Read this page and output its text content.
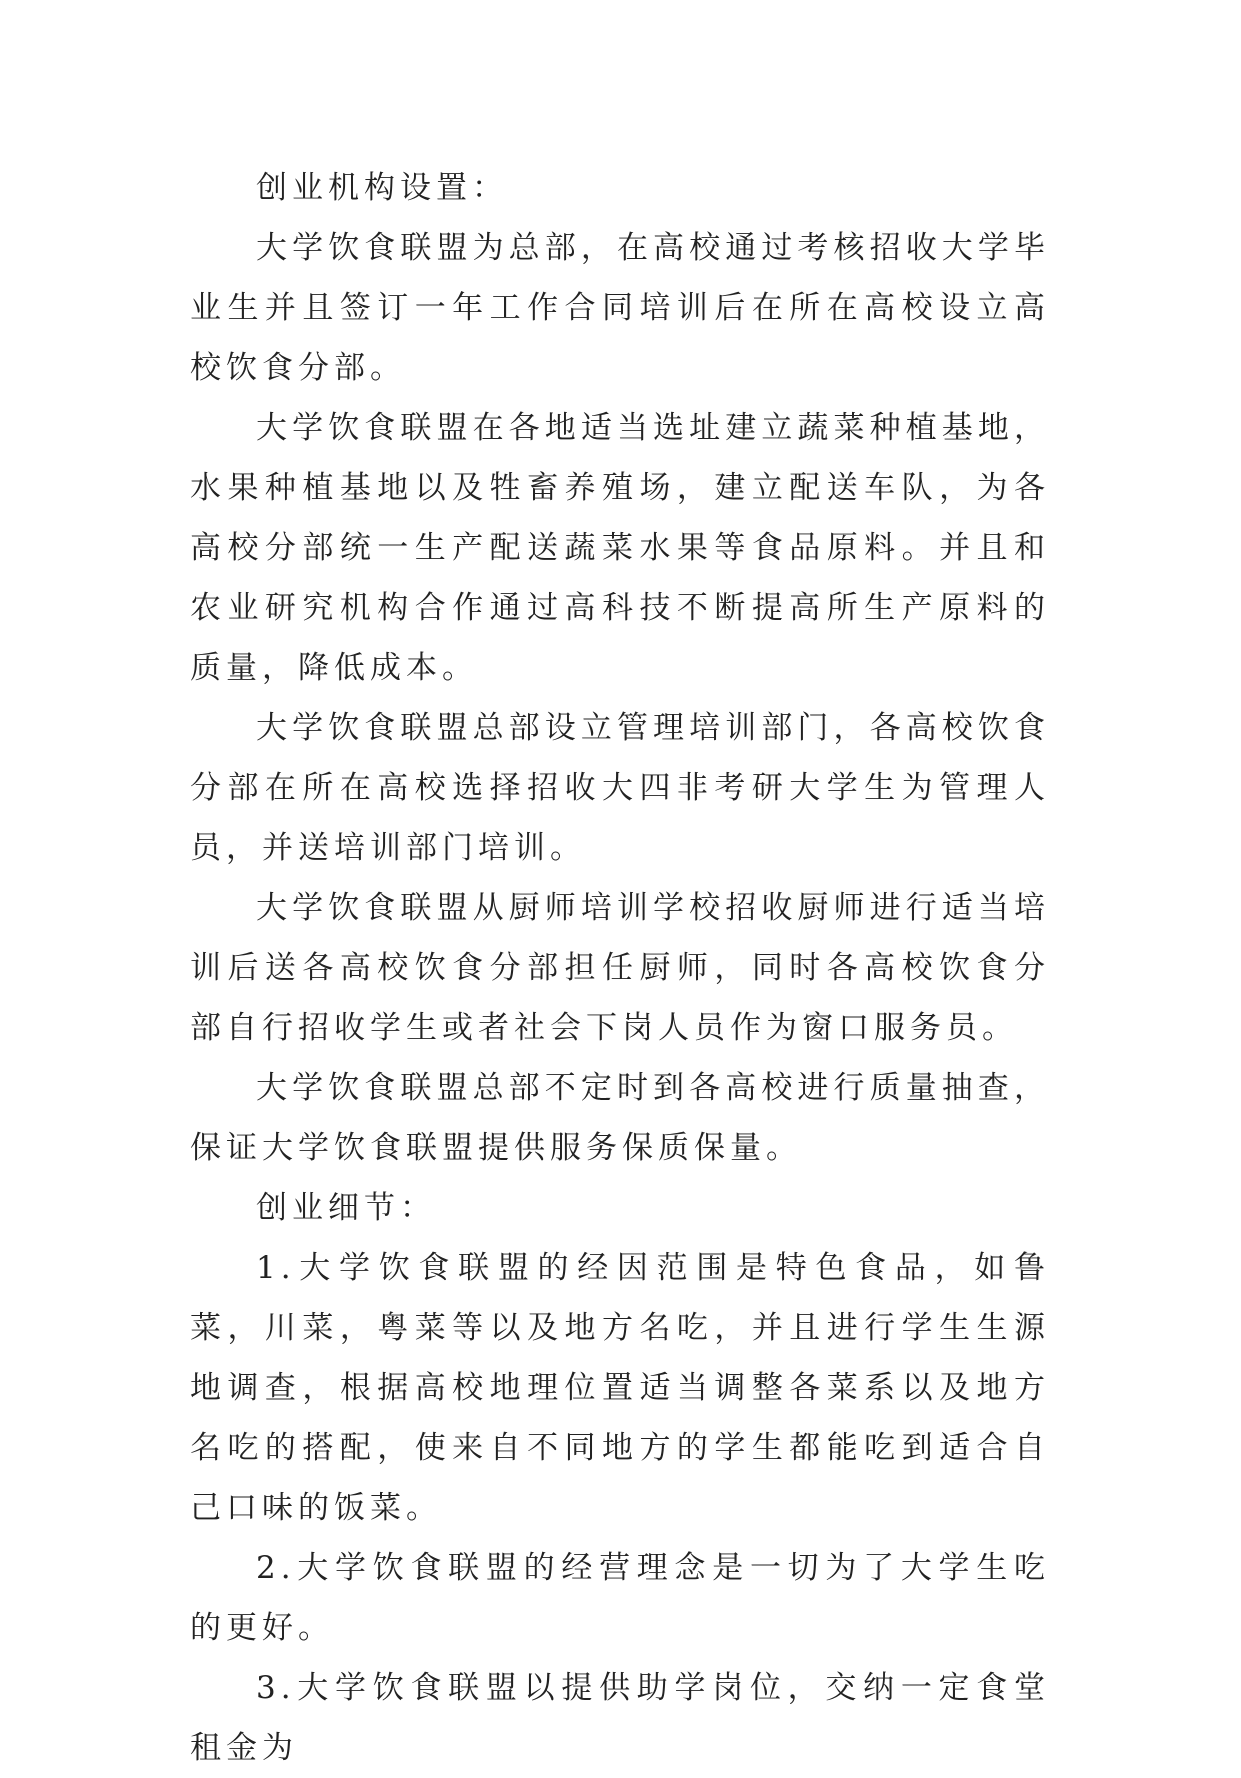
创业机构设置：

大学饮食联盟为总部，在高校通过考核招收大学毕业生并且签订一年工作合同培训后在所在高校设立高校饮食分部。

大学饮食联盟在各地适当选址建立蔬菜种植基地，水果种植基地以及牲畜养殖场，建立配送车队，为各高校分部统一生产配送蔬菜水果等食品原料。并且和农业研究机构合作通过高科技不断提高所生产原料的质量，降低成本。

大学饮食联盟总部设立管理培训部门，各高校饮食分部在所在高校选择招收大四非考研大学生为管理人员，并送培训部门培训。

大学饮食联盟从厨师培训学校招收厨师进行适当培训后送各高校饮食分部担任厨师，同时各高校饮食分部自行招收学生或者社会下岗人员作为窗口服务员。

大学饮食联盟总部不定时到各高校进行质量抽查，保证大学饮食联盟提供服务保质保量。

创业细节：

1.大学饮食联盟的经因范围是特色食品，如鲁菜，川菜，粤菜等以及地方名吃，并且进行学生生源地调查，根据高校地理位置适当调整各菜系以及地方名吃的搭配，使来自不同地方的学生都能吃到适合自己口味的饭菜。

2.大学饮食联盟的经营理念是一切为了大学生吃的更好。

3.大学饮食联盟以提供助学岗位，交纳一定食堂租金为
